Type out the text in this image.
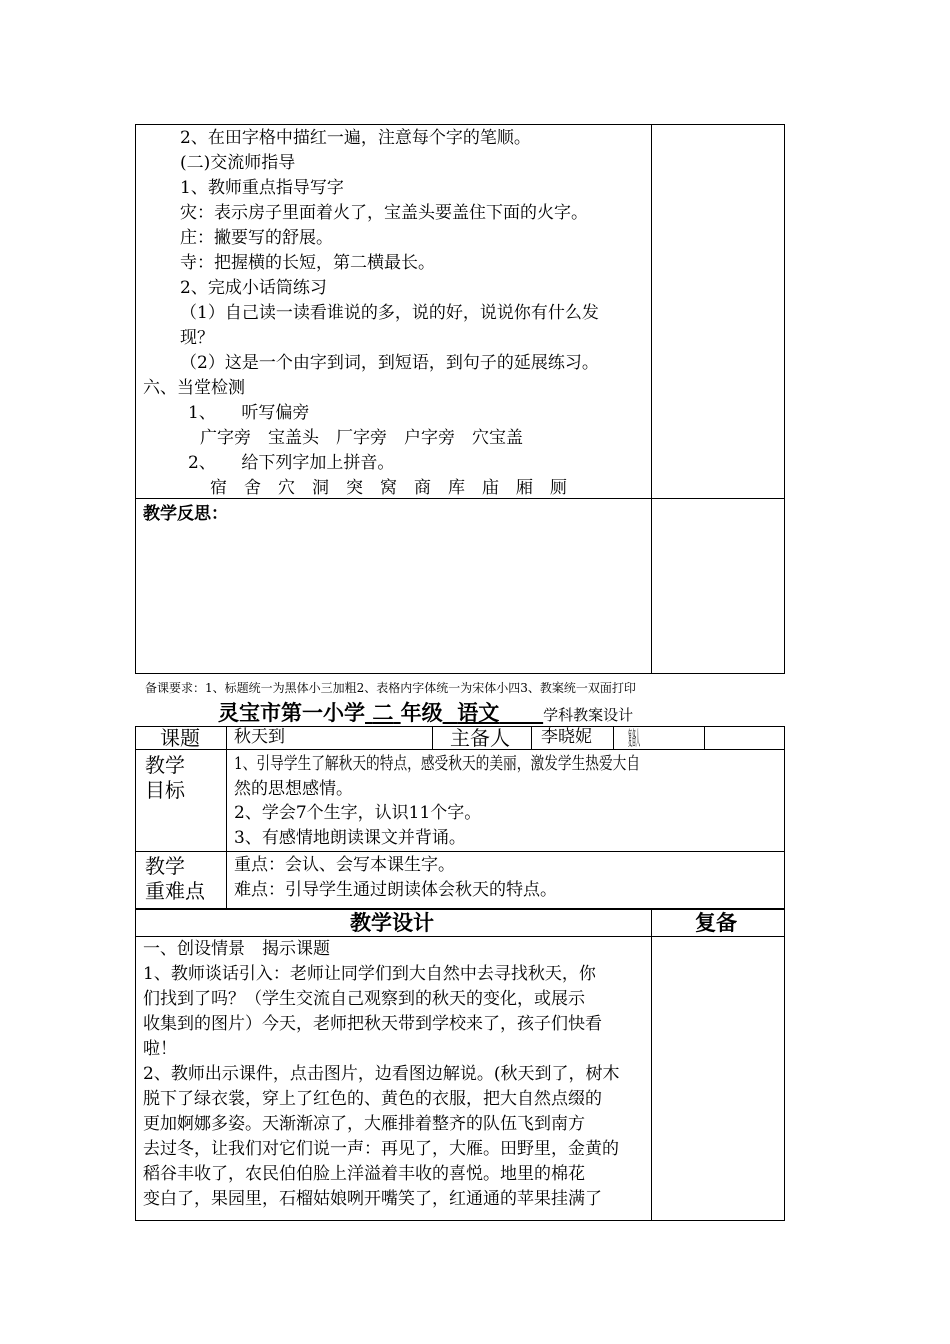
2、在田字格中描红一遍，注意每个字的笔顺。
(二)交流师指导
1、教师重点指导写字
灾：表示房子里面着火了，宝盖头要盖住下面的火字。
庄：撇要写的舒展。
寺：把握横的长短，第二横最长。
2、完成小话筒练习
（1）自己读一读看谁说的多，说的好，说说你有什么发
现？
（2）这是一个由字到词，到短语，到句子的延展练习。
六、当堂检测
1、　　听写偏旁
广字旁　宝盖头　厂字旁　户字旁　穴宝盖
2、　　给下列字加上拼音。
宿　舍　穴　洞　突　窝　商　库　庙　厢　厕
教学反思：
备课要求：1、标题统一为黑体小三加粗2、表格内字体统一为宋体小四3、教案统一双面打印
灵宝市第一小学 二 年级 语文	学科教案设计
课题 秋天到	主备人 李晓妮 复备人
教学
目标
1、引导学生了解秋天的特点，感受秋天的美丽，激发学生热爱大自
然的思想感情。
2、学会7个生字，认识11个字。
3、有感情地朗读课文并背诵。
教学
重难点
重点：会认、会写本课生字。
难点：引导学生通过朗读体会秋天的特点。
教学设计	复备
一、创设情景　揭示课题
1、教师谈话引入：老师让同学们到大自然中去寻找秋天，你
们找到了吗？（学生交流自己观察到的秋天的变化，或展示
收集到的图片）今天，老师把秋天带到学校来了，孩子们快看
啦！
2、教师出示课件，点击图片，边看图边解说。(秋天到了，树木
脱下了绿衣裳，穿上了红色的、黄色的衣服，把大自然点缀的
更加婀娜多姿。天渐渐凉了，大雁排着整齐的队伍飞到南方
去过冬，让我们对它们说一声：再见了，大雁。田野里，金黄的
稻谷丰收了，农民伯伯脸上洋溢着丰收的喜悦。地里的棉花
变白了，果园里，石榴姑娘咧开嘴笑了，红通通的苹果挂满了
